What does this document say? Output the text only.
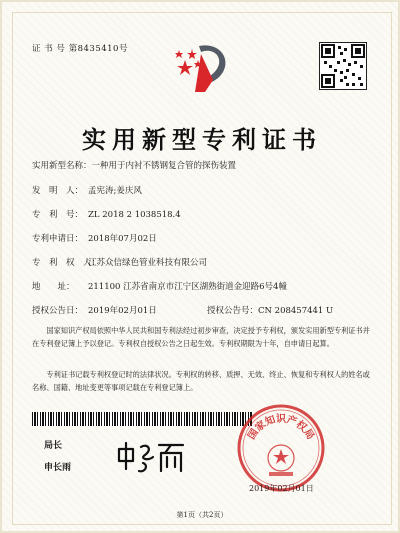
证 书 号 第8435410号
实用新型专利证书
实用新型名称：一种用于内衬不锈钢复合管的探伤装置
发　明　人： 孟宪涛;姜庆风
专　利　号： ZL 2018 2 1038518.4
专利申请日： 2018年07月02日
专　利　权　人：江苏众信绿色管业科技有限公司
地　　址： 211100 江苏省南京市江宁区湖熟街道金迎路6号4幢
授权公告日： 2019年02月01日	授权公告号：CN 208457441 U
国家知识产权局依照中华人民共和国专利法经过初步审查，决定授予专利权，颁发实用新型专利证书并在专利登记簿上予以登记。专利权自授权公告之日起生效。专利权期限为十年，自申请日起算。
专利证书记载专利权登记时的法律状况。专利权的转移、质押、无效、终止、恢复和专利权人的姓名或名称、国籍、地址变更等事项记载在专利登记簿上。
局长
申长雨
国家知识产权局
2019年02月01日
第1页（共2页）
